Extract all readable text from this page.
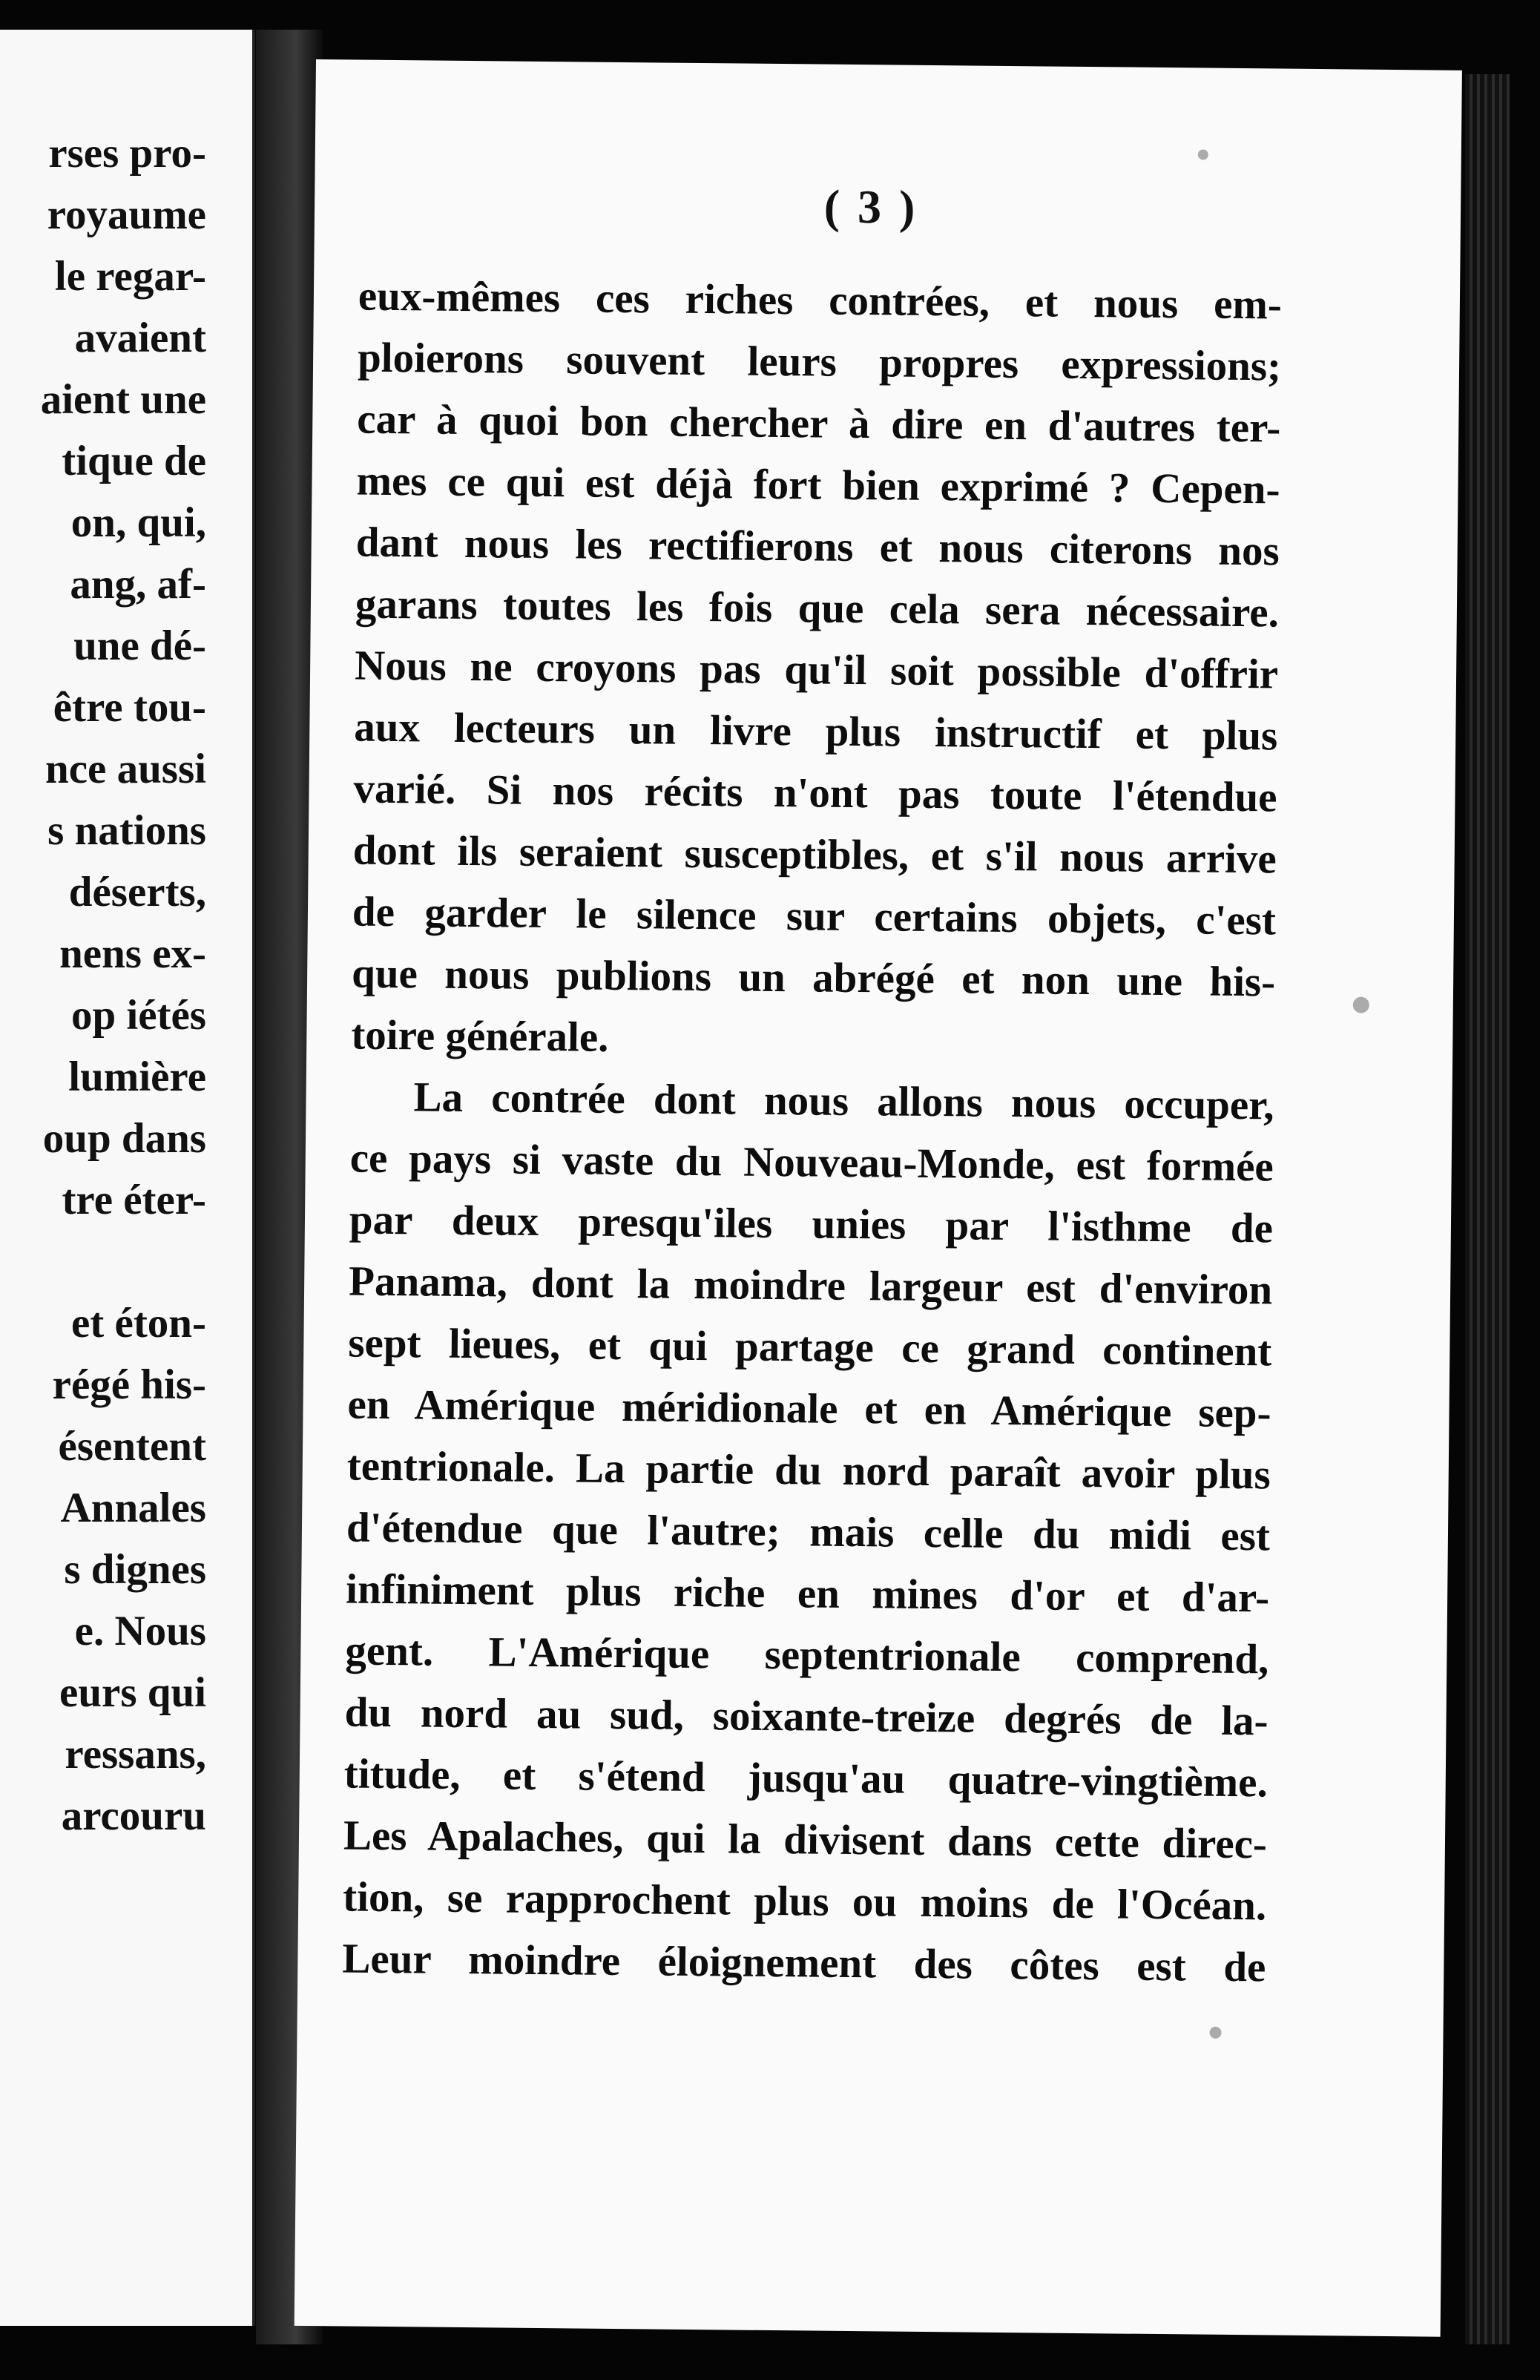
rses pro-
royaume
le regar-
avaient
aient une
tique de
on, qui,
ang, af-
une dé-
être tou-
nce aussi
s nations
déserts,
nens ex-
op iétés
lumière
oup dans
tre éter-
et éton-
régé his-
ésentent
Annales
s dignes
e. Nous
eurs qui
ressans,
arcouru
( 3 )
eux-mêmes ces riches contrées, et nous em-
ploierons souvent leurs propres expressions;
car à quoi bon chercher à dire en d'autres ter-
mes ce qui est déjà fort bien exprimé ? Cepen-
dant nous les rectifierons et nous citerons nos
garans toutes les fois que cela sera nécessaire.
Nous ne croyons pas qu'il soit possible d'offrir
aux lecteurs un livre plus instructif et plus
varié. Si nos récits n'ont pas toute l'étendue
dont ils seraient susceptibles, et s'il nous arrive
de garder le silence sur certains objets, c'est
que nous publions un abrégé et non une his-
toire générale.
La contrée dont nous allons nous occuper,
ce pays si vaste du Nouveau-Monde, est formée
par deux presqu'iles unies par l'isthme de
Panama, dont la moindre largeur est d'environ
sept lieues, et qui partage ce grand continent
en Amérique méridionale et en Amérique sep-
tentrionale. La partie du nord paraît avoir plus
d'étendue que l'autre; mais celle du midi est
infiniment plus riche en mines d'or et d'ar-
gent. L'Amérique septentrionale comprend,
du nord au sud, soixante-treize degrés de la-
titude, et s'étend jusqu'au quatre-vingtième.
Les Apalaches, qui la divisent dans cette direc-
tion, se rapprochent plus ou moins de l'Océan.
Leur moindre éloignement des côtes est de
